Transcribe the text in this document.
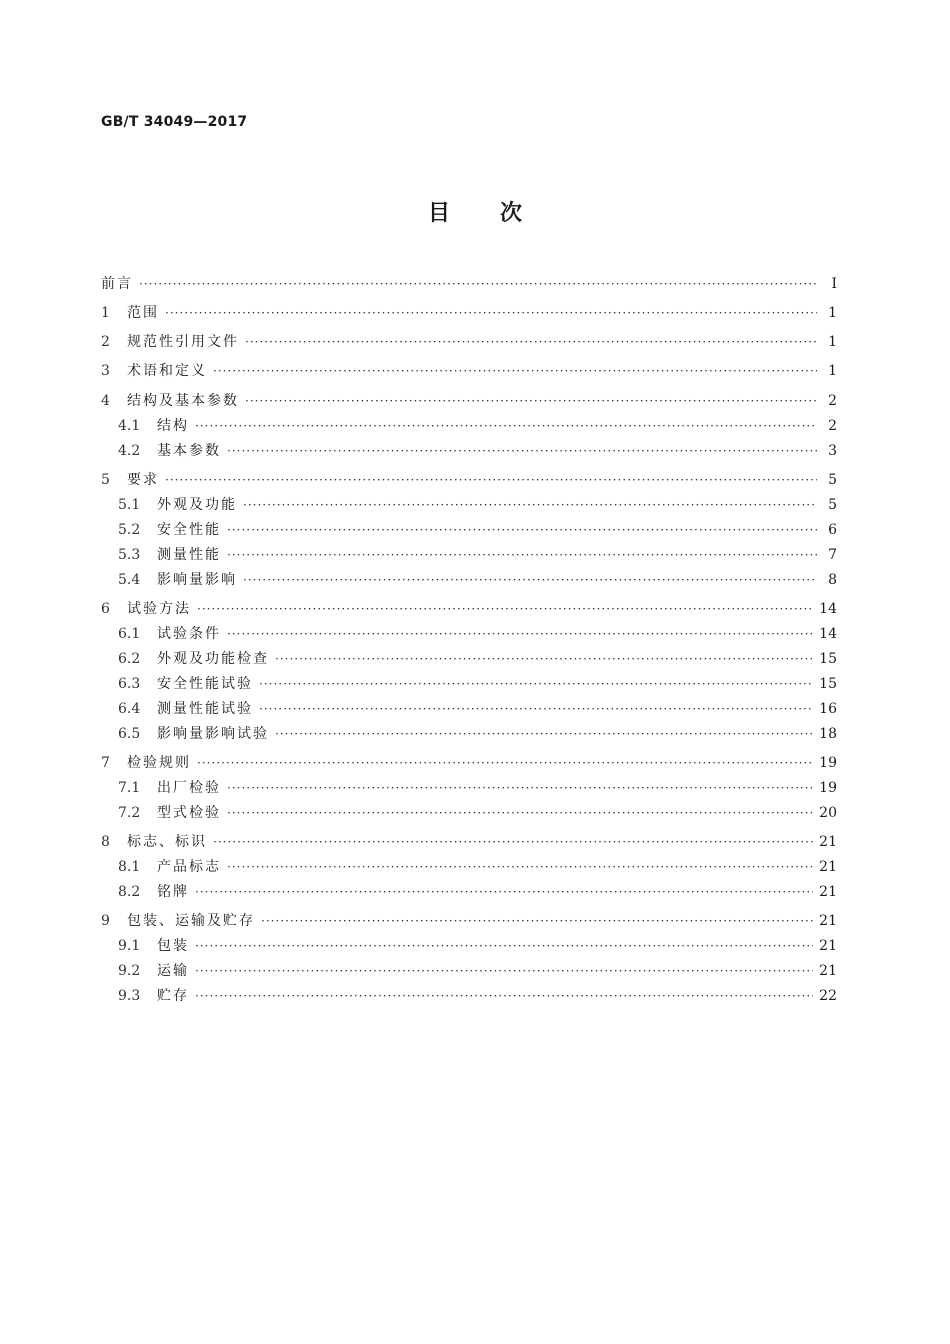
GB/T 34049—2017
目次
前言 ·····	I
1	范围 ·····	1
2	规范性引用文件 ·····	1
3	术语和定义 ·····	1
4	结构及基本参数 ·····	2
4.1	结构 ·····	2
4.2	基本参数 ·····	3
5	要求 ·····	5
5.1	外观及功能 ·····	5
5.2	安全性能 ·····	6
5.3	测量性能 ·····	7
5.4	影响量影响 ·····	8
6	试验方法 ·····	14
6.1	试验条件 ·····	14
6.2	外观及功能检查 ·····	15
6.3	安全性能试验 ·····	15
6.4	测量性能试验 ·····	16
6.5	影响量影响试验 ·····	18
7	检验规则 ·····	19
7.1	出厂检验 ·····	19
7.2	型式检验 ·····	20
8	标志、标识 ·····	21
8.1	产品标志 ·····	21
8.2	铭牌 ·····	21
9	包装、运输及贮存 ·····	21
9.1	包装 ·····	21
9.2	运输 ·····	21
9.3	贮存 ·····	22
